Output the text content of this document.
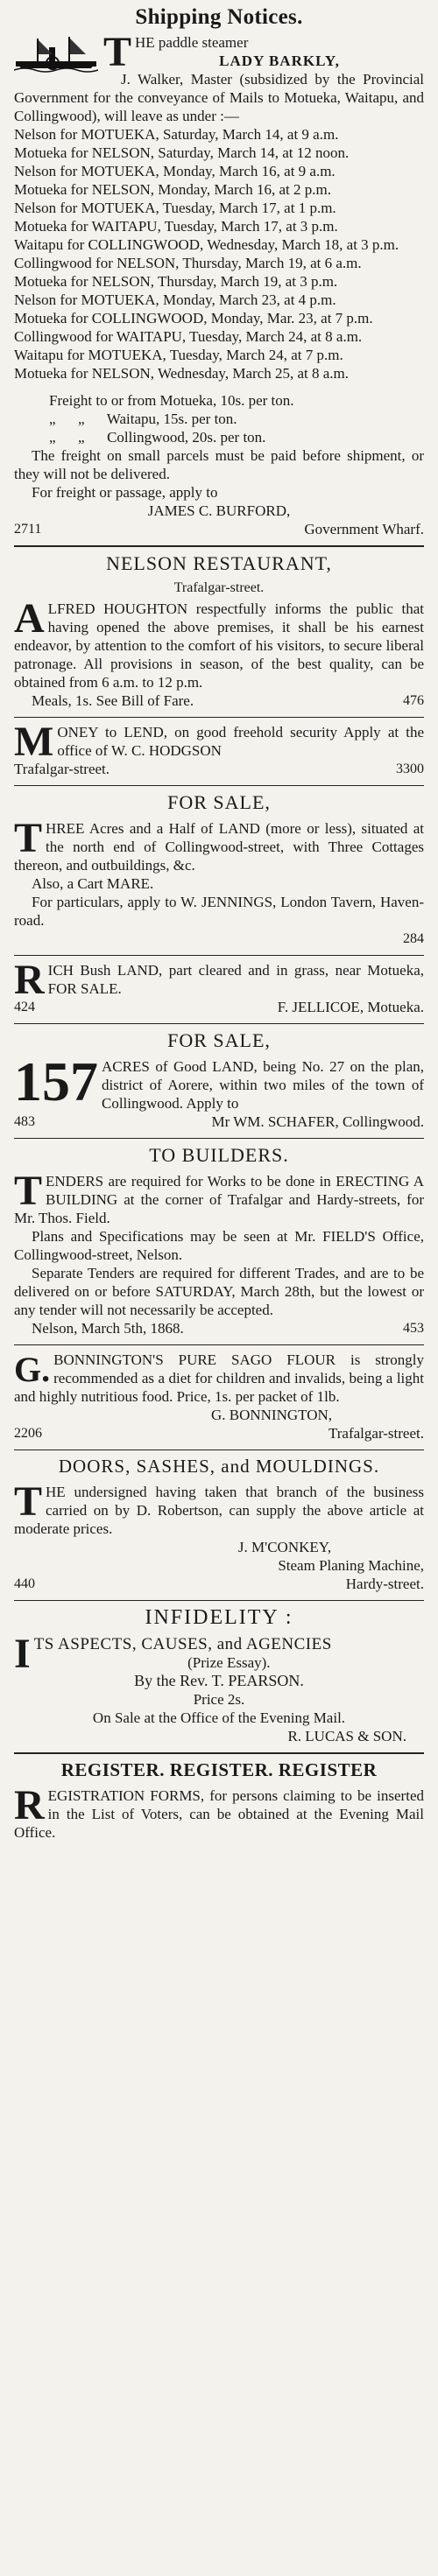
Shipping Notices.
T HE paddle steamer

LADY BARKLY,

J. Walker, Master (subsidized by the Provincial Government for the conveyance of Mails to Motueka, Waitapu, and Collingwood), will leave as under :—

Nelson for MOTUEKA, Saturday, March 14, at 9 a.m.

Motueka for NELSON, Saturday, March 14, at 12 noon.

Nelson for MOTUEKA, Monday, March 16, at 9 a.m.

Motueka for NELSON, Monday, March 16, at 2 p.m.

Nelson for MOTUEKA, Tuesday, March 17, at 1 p.m.

Motueka for WAITAPU, Tuesday, March 17, at 3 p.m.

Waitapu for COLLINGWOOD, Wednesday, March 18, at 3 p.m.

Collingwood for NELSON, Thursday, March 19, at 6 a.m.

Motueka for NELSON, Thursday, March 19, at 3 p.m.

Nelson for MOTUEKA, Monday, March 23, at 4 p.m.

Motueka for COLLINGWOOD, Monday, Mar. 23, at 7 p.m.

Collingwood for WAITAPU, Tuesday, March 24, at 8 a.m.

Waitapu for MOTUEKA, Tuesday, March 24, at 7 p.m.

Motueka for NELSON, Wednesday, March 25, at 8 a.m.

Freight to or from Motueka, 10s. per ton.
„      „      Waitapu, 15s. per ton.
„      „      Collingwood, 20s. per ton.

The freight on small parcels must be paid before shipment, or they will not be delivered.

For freight or passage, apply to

JAMES C. BURFORD,

2711	Government Wharf.
NELSON RESTAURANT,
Trafalgar-street.
A LFRED HOUGHTON respectfully informs the public that having opened the above premises, it shall be his earnest endeavor, by attention to the comfort of his visitors, to secure liberal patronage. All provisions in season, of the best quality, can be obtained from 6 a.m. to 12 p.m.

Meals, 1s. See Bill of Fare.	476
M ONEY to LEND, on good freehold security Apply at the office of W. C. HODGSON

Trafalgar-street.	3300
FOR SALE,
T HREE Acres and a Half of LAND (more or less), situated at the north end of Collingwood-street, with Three Cottages thereon, and outbuildings, &c.

Also, a Cart MARE.

For particulars, apply to W. JENNINGS, London Tavern, Haven-road.

284
R ICH Bush LAND, part cleared and in grass, near Motueka, FOR SALE.

424	F. JELLICOE, Motueka.
FOR SALE,
157 ACRES of Good LAND, being No. 27 on the plan, district of Aorere, within two miles of the town of Collingwood. Apply to

483	Mr WM. SCHAFER, Collingwood.
TO BUILDERS.
T ENDERS are required for Works to be done in ERECTING A BUILDING at the corner of Trafalgar and Hardy-streets, for Mr. Thos. Field.

Plans and Specifications may be seen at Mr. FIELD'S Office, Collingwood-street, Nelson.

Separate Tenders are required for different Trades, and are to be delivered on or before SATURDAY, March 28th, but the lowest or any tender will not necessarily be accepted.

Nelson, March 5th, 1868.	453
G. BONNINGTON'S PURE SAGO FLOUR is strongly recommended as a diet for children and invalids, being a light and highly nutritious food. Price, 1s. per packet of 1lb.

G. BONNINGTON,

2206	Trafalgar-street.
DOORS, SASHES, and MOULDINGS.
T HE undersigned having taken that branch of the business carried on by D. Robertson, can supply the above article at moderate prices.

J. M'CONKEY,

Steam Planing Machine,

440	Hardy-street.
INFIDELITY :
I TS ASPECTS, CAUSES, and AGENCIES

(Prize Essay).

By the Rev. T. PEARSON.

Price 2s.

On Sale at the Office of the Evening Mail.

R. LUCAS & SON.

REGISTER. REGISTER. REGISTER
R EGISTRATION FORMS, for persons claiming to be inserted in the List of Voters, can be obtained at the Evening Mail Office.
